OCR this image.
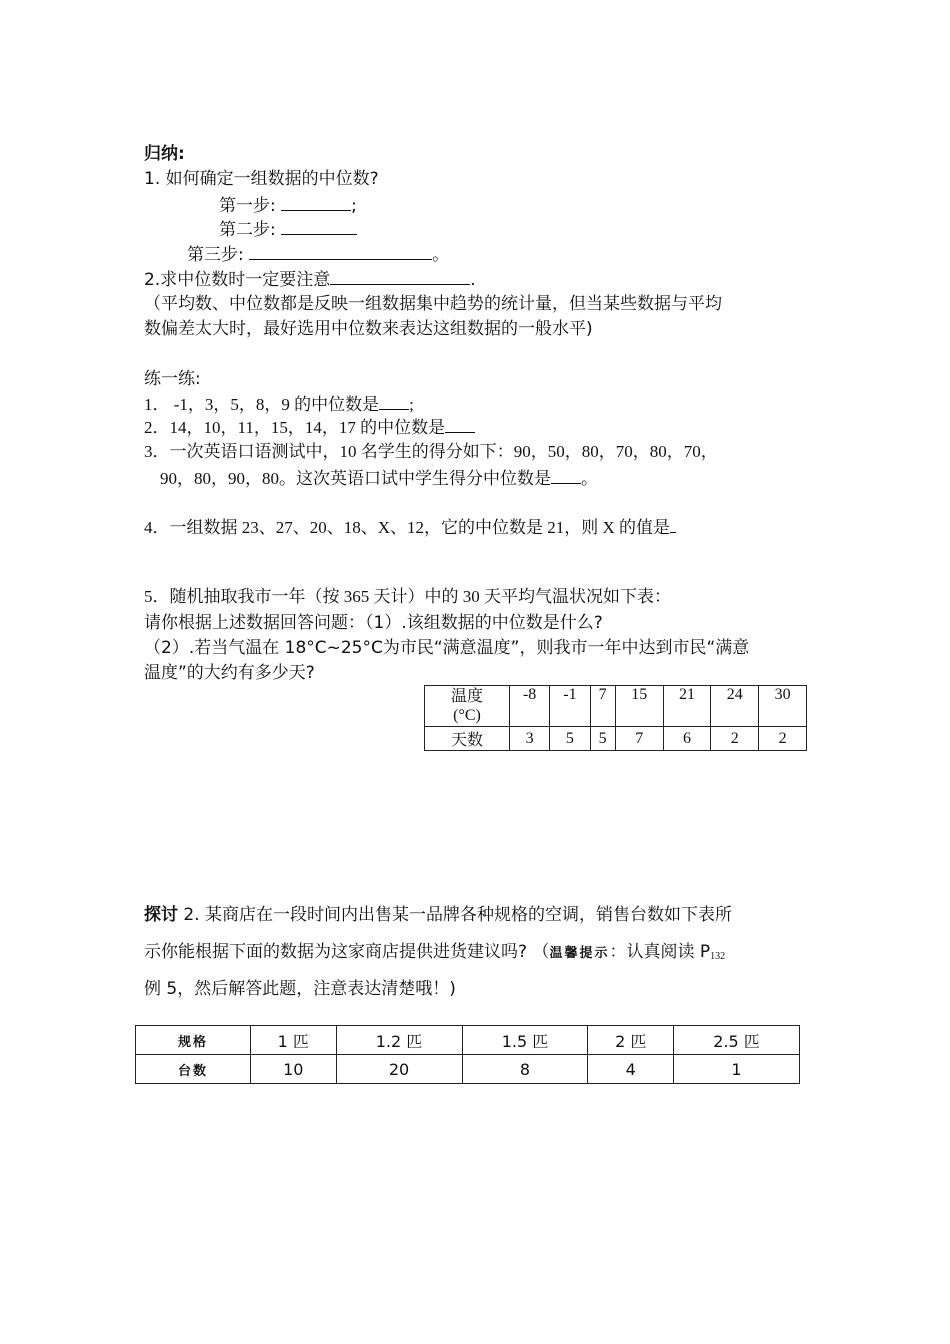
归纳:
1. 如何确定一组数据的中位数?
第一步:	;
第二步:
第三步:	。
2.求中位数时一定要注意	.
（平均数、中位数都是反映一组数据集中趋势的统计量，但当某些数据与平均
数偏差太大时，最好选用中位数来表达这组数据的一般水平)
练一练:
1． -1，3，5，8，9 的中位数是 ;
2．14，10，11，15，14，17 的中位数是
3．一次英语口语测试中，10 名学生的得分如下：90，50，80，70，80，70，
90，80，90，80。这次英语口试中学生得分中位数是 。
4．一组数据 23、27、20、18、X、12，它的中位数是 21，则 X 的值是
5．随机抽取我市一年（按 365 天计）中的 30 天平均气温状况如下表：
请你根据上述数据回答问题：（1）.该组数据的中位数是什么?
（2）.若当气温在 18°C~25°C为市民“满意温度”，则我市一年中达到市民“满意
温度”的大约有多少天?
温度
(°C)	-8	-1	7	15	21	24	30
天数	3	5	5	7	6	2	2
探讨 2. 某商店在一段时间内出售某一品牌各种规格的空调，销售台数如下表所
示你能根据下面的数据为这家商店提供进货建议吗? （温馨提示：认真阅读 P132
例 5，然后解答此题，注意表达清楚哦！)
规格	1 匹	1.2 匹	1.5 匹	2 匹	2.5 匹
台数	10	20	8	4	1
